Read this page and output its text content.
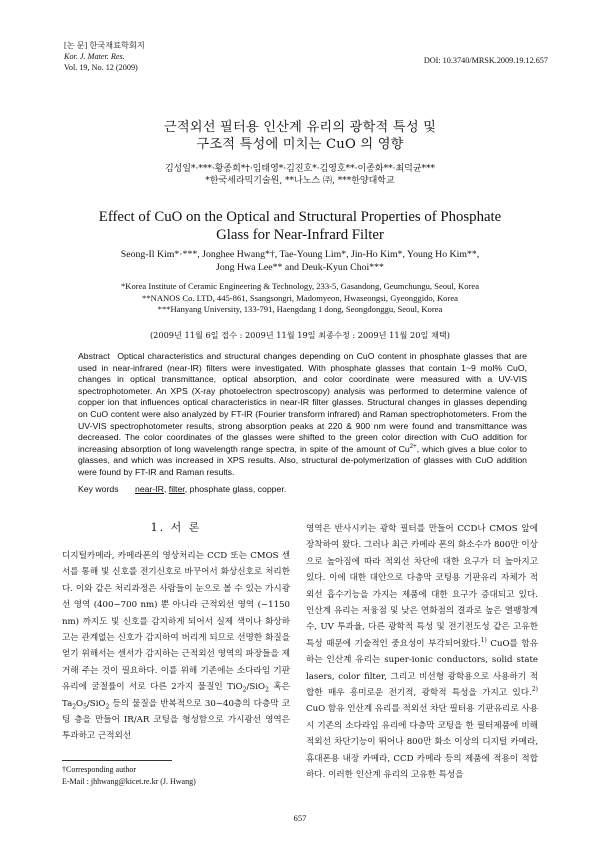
[논 문] 한국재료학회지
Kor. J. Mater. Res.
Vol. 19, No. 12 (2009)
DOI: 10.3740/MRSK.2009.19.12.657
근적외선 필터용 인산계 유리의 광학적 특성 및
구조적 특성에 미치는 CuO 의 영향
김성일*·***·황종희*†·임태영*·김진호*·김영호**·이종화**·최덕균***
*한국세라믹기술원, **나노스 ㈜, ***한양대학교
Effect of CuO on the Optical and Structural Properties of Phosphate
Glass for Near-Infrard Filter
Seong-Il Kim*·***, Jonghee Hwang*†, Tae-Young Lim*, Jin-Ho Kim*, Young Ho Kim**,
Jong Hwa Lee** and Deuk-Kyun Choi***
*Korea Institute of Ceramic Engineering & Technology, 233-5, Gasandong, Geumchungu, Seoul, Korea
**NANOS Co. LTD, 445-861, Ssangsongri, Madomyeon, Hwaseongsi, Gyeonggido, Korea
***Hanyang University, 133-791, Haengdang 1 dong, Seongdonggu, Seoul, Korea
(2009년 11월 6일 접수 : 2009년 11월 19일 최종수정 : 2009년 11월 20일 채택)
Abstract Optical characteristics and structural changes depending on CuO content in phosphate glasses that are used in near-infrared (near-IR) filters were investigated. With phosphate glasses that contain 1~9 mol% CuO, changes in optical transmittance, optical absorption, and color coordinate were measured with a UV-VIS spectrophotometer. An XPS (X-ray photoelectron spectroscopy) analysis was performed to determine valence of copper ion that influences optical characteristics in near-IR filter glasses. Structural changes in glasses depending on CuO content were also analyzed by FT-IR (Fourier transform infrared) and Raman spectrophotometers. From the UV-VIS spectrophotometer results, strong absorption peaks at 220 & 900 nm were found and transmittance was decreased. The color coordinates of the glasses were shifted to the green color direction with CuO addition for increasing absorption of long wavelength range spectra, in spite of the amount of $Cu^{2+}$, which gives a blue color to glasses, and which was increased in XPS results. Also, structural de-polymerization of glasses with CuO addition were found by FT-IR and Raman results.
Key words near-IR, filter, phosphate glass, copper.
1. 서 론
디지털카메라, 카메라폰의 영상처리는 CCD 또는 CMOS 센서를 통해 빛 신호를 전기신호로 바꾸어서 화상신호로 처리한다. 이와 같은 처리과정은 사람들이 눈으로 볼 수 있는 가시광선 영역 (400~700 nm) 뿐 아니라 근적외선 영역 (~1150 nm) 까지도 빛 신호를 감지하게 되어서 실제 색이나 화상하고는 관계없는 신호가 감지하여 버리게 되므로 선명한 화질을 얻기 위해서는 센서가 감지하는 근적외선 영역의 파장들을 제거해 주는 것이 필요하다. 이를 위해 기존에는 소다라임 기판유리에 굴절률이 서로 다른 2가지 물질인 TiO$_2$/SiO$_2$ 혹은 $Ta_2O_5/SiO_2$ 등의 물질을 반복적으로 30~40층의 다층막 코팅 층을 만들어 IR/AR 코팅을 형성함으로 가시광선 영역은 투과하고 근적외선
영역은 반사시키는 광학 필터를 만들어 CCD나 CMOS 앞에 장착하여 왔다. 그러나 최근 카메라 폰의 화소수가 800만 이상으로 높아짐에 따라 적외선 차단에 대한 요구가 더 높아지고 있다. 이에 대한 대안으로 다층막 코팅용 기판유리 자체가 적외선 흡수기능을 가지는 제품에 대한 요구가 증대되고 있다. 인산계 유리는 저융점 및 낮은 연화점의 결과로 높은 열팽창계수, UV 투과율, 다른 광학적 특성 및 전기전도성 같은 고유한 특성 때문에 기술적인 중요성이 부각되어왔다.$^{1)}$ CuO를 함유하는 인산계 유리는 super-ionic conductors, solid state lasers, color filter, 그리고 비선형 광학용으로 사용하기 적합한 매우 흥미로운 전기적, 광학적 특성을 가지고 있다.$^{2)}$ CuO 함유 인산계 유리를 적외선 차단 필터용 기판유리로 사용 시 기존의 소다라임 유리에 다층막 코팅을 한 필터제품에 비해 적외선 차단기능이 뛰어나 800만 화소 이상의 디지털 카메라, 휴대폰용 내장 카메라, CCD 카메라 등의 제품에 적용이 적합하다. 이러한 인산계 유리의 고유한 특성을
†Corresponding author
E-Mail : jhhwang@kicet.re.kr (J. Hwang)
657
